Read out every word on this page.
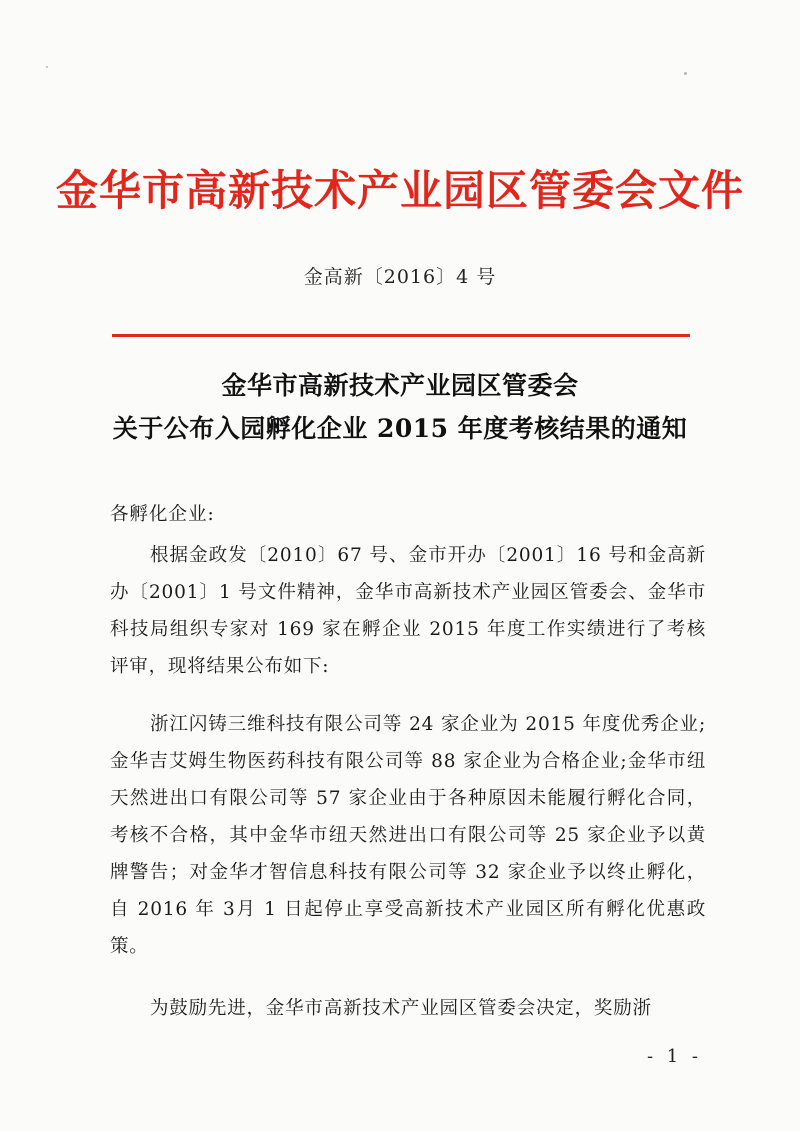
金华市高新技术产业园区管委会文件
金高新〔2016〕4 号
金华市高新技术产业园区管委会
关于公布入园孵化企业 2015 年度考核结果的通知
各孵化企业:

根据金政发〔2010〕67 号、金市开办〔2001〕16 号和金高新办〔2001〕1 号文件精神，金华市高新技术产业园区管委会、金华市科技局组织专家对 169 家在孵企业 2015 年度工作实绩进行了考核评审，现将结果公布如下:

浙江闪铸三维科技有限公司等 24 家企业为 2015 年度优秀企业;金华吉艾姆生物医药科技有限公司等 88 家企业为合格企业;金华市纽天然进出口有限公司等 57 家企业由于各种原因未能履行孵化合同，考核不合格，其中金华市纽天然进出口有限公司等 25 家企业予以黄牌警告；对金华才智信息科技有限公司等 32 家企业予以终止孵化，自 2016 年 3月 1 日起停止享受高新技术产业园区所有孵化优惠政策。

为鼓励先进，金华市高新技术产业园区管委会决定，奖励浙

- 1 -
